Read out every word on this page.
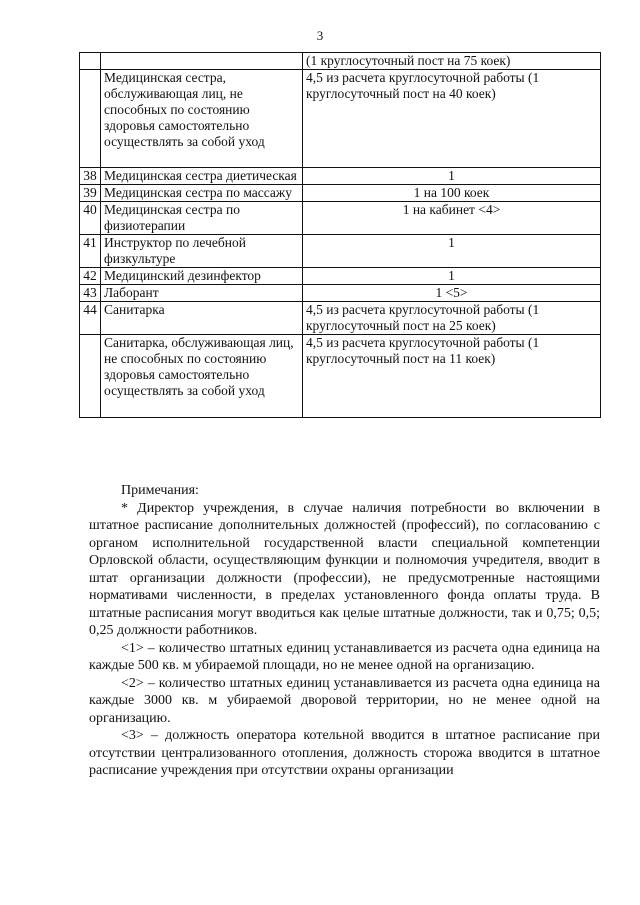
3
		(1 круглосуточный пост на 75 коек)
	Медицинская сестра, обслуживающая лиц, не способных по состоянию здоровья самостоятельно осуществлять за собой уход	4,5 из расчета круглосуточной работы (1 круглосуточный пост на 40 коек)
38	Медицинская сестра диетическая	1
39	Медицинская сестра по массажу	1 на 100 коек
40	Медицинская сестра по физиотерапии	1 на кабинет <4>
41	Инструктор по лечебной физкультуре	1
42	Медицинский дезинфектор	1
43	Лаборант	1 <5>
44	Санитарка	4,5 из расчета круглосуточной работы (1 круглосуточный пост на 25 коек)
	Санитарка, обслуживающая лиц, не способных по состоянию здоровья самостоятельно осуществлять за собой уход	4,5 из расчета круглосуточной работы (1 круглосуточный пост на 11 коек)

Примечания:

* Директор учреждения, в случае наличия потребности во включении в штатное расписание дополнительных должностей (профессий), по согласованию с органом исполнительной государственной власти специальной компетенции Орловской области, осуществляющим функции и полномочия учредителя, вводит в штат организации должности (профессии), не предусмотренные настоящими нормативами численности, в пределах установленного фонда оплаты труда. В штатные расписания могут вводиться как целые штатные должности, так и 0,75; 0,5; 0,25 должности работников.

<1> – количество штатных единиц устанавливается из расчета одна единица на каждые 500 кв. м убираемой площади, но не менее одной на организацию.

<2> – количество штатных единиц устанавливается из расчета одна единица на каждые 3000 кв. м убираемой дворовой территории, но не менее одной на организацию.

<3> – должность оператора котельной вводится в штатное расписание при отсутствии централизованного отопления, должность сторожа вводится в штатное расписание учреждения при отсутствии охраны организации
